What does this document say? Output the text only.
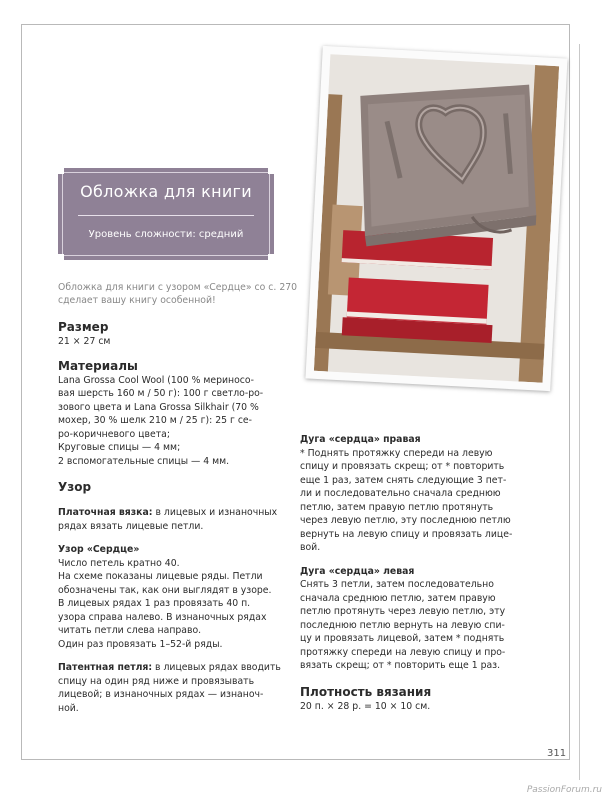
Обложка для книги
Уровень сложности: средний
Обложка для книги с узором «Сердце» со с. 270 сделает вашу книгу особенной!

Размер

21 × 27 см

Материалы

Lana Grossa Cool Wool (100 % мериносо-

вая шерсть 160 м / 50 г): 100 г светло-ро-

зового цвета и Lana Grossa Silkhair (70 %

мохер, 30 % шелк 210 м / 25 г): 25 г се-

ро-коричневого цвета;

Круговые спицы — 4 мм;

2 вспомогательные спицы — 4 мм.

Узор

Платочная вязка: в лицевых и изнаночных

рядах вязать лицевые петли.

Узор «Сердце»

Число петель кратно 40.

На схеме показаны лицевые ряды. Петли

обозначены так, как они выглядят в узоре.

В лицевых рядах 1 раз провязать 40 п.

узора справа налево. В изнаночных рядах

читать петли слева направо.

Один раз провязать 1–52-й ряды.

Патентная петля: в лицевых рядах вводить

спицу на один ряд ниже и провязывать

лицевой; в изнаночных рядах — изнаноч-

ной.

Дуга «сердца» правая

* Поднять протяжку спереди на левую

спицу и провязать скрещ; от * повторить

еще 1 раз, затем снять следующие 3 пет-

ли и последовательно сначала среднюю

петлю, затем правую петлю протянуть

через левую петлю, эту последнюю петлю

вернуть на левую спицу и провязать лице-

вой.

Дуга «сердца» левая

Снять 3 петли, затем последовательно

сначала среднюю петлю, затем правую

петлю протянуть через левую петлю, эту

последнюю петлю вернуть на левую спи-

цу и провязать лицевой, затем * поднять

протяжку спереди на левую спицу и про-

вязать скрещ; от * повторить еще 1 раз.

Плотность вязания

20 п. × 28 р. = 10 × 10 см.

311
PassionForum.ru
